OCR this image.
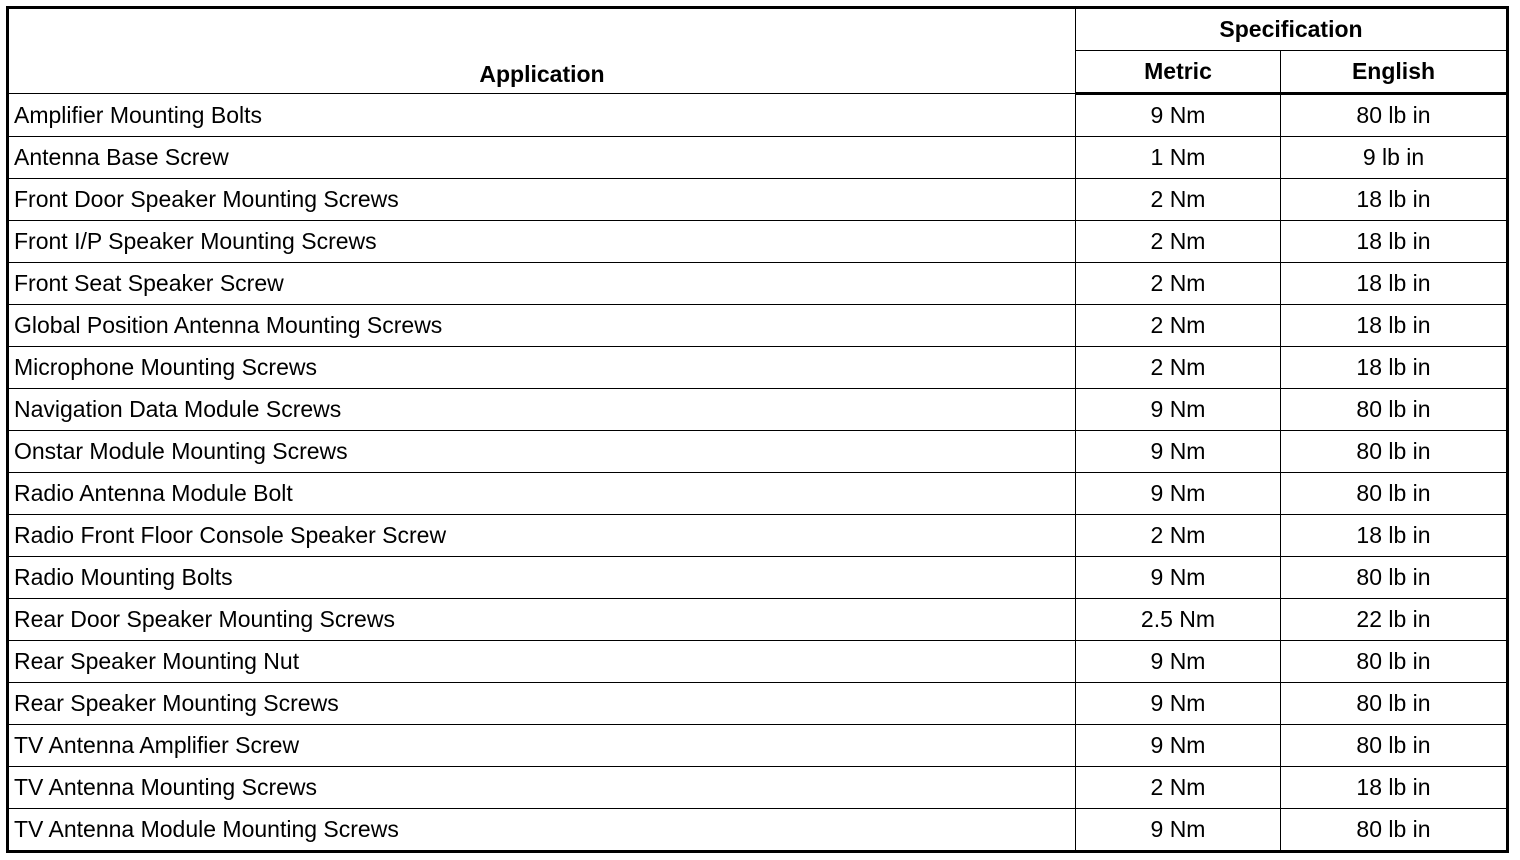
Application	Specification	
	Metric	English
Amplifier Mounting Bolts	9 Nm	80 lb in
Antenna Base Screw	1 Nm	9 lb in
Front Door Speaker Mounting Screws	2 Nm	18 lb in
Front I/P Speaker Mounting Screws	2 Nm	18 lb in
Front Seat Speaker Screw	2 Nm	18 lb in
Global Position Antenna Mounting Screws	2 Nm	18 lb in
Microphone Mounting Screws	2 Nm	18 lb in
Navigation Data Module Screws	9 Nm	80 lb in
Onstar Module Mounting Screws	9 Nm	80 lb in
Radio Antenna Module Bolt	9 Nm	80 lb in
Radio Front Floor Console Speaker Screw	2 Nm	18 lb in
Radio Mounting Bolts	9 Nm	80 lb in
Rear Door Speaker Mounting Screws	2.5 Nm	22 lb in
Rear Speaker Mounting Nut	9 Nm	80 lb in
Rear Speaker Mounting Screws	9 Nm	80 lb in
TV Antenna Amplifier Screw	9 Nm	80 lb in
TV Antenna Mounting Screws	2 Nm	18 lb in
TV Antenna Module Mounting Screws	9 Nm	80 lb in
